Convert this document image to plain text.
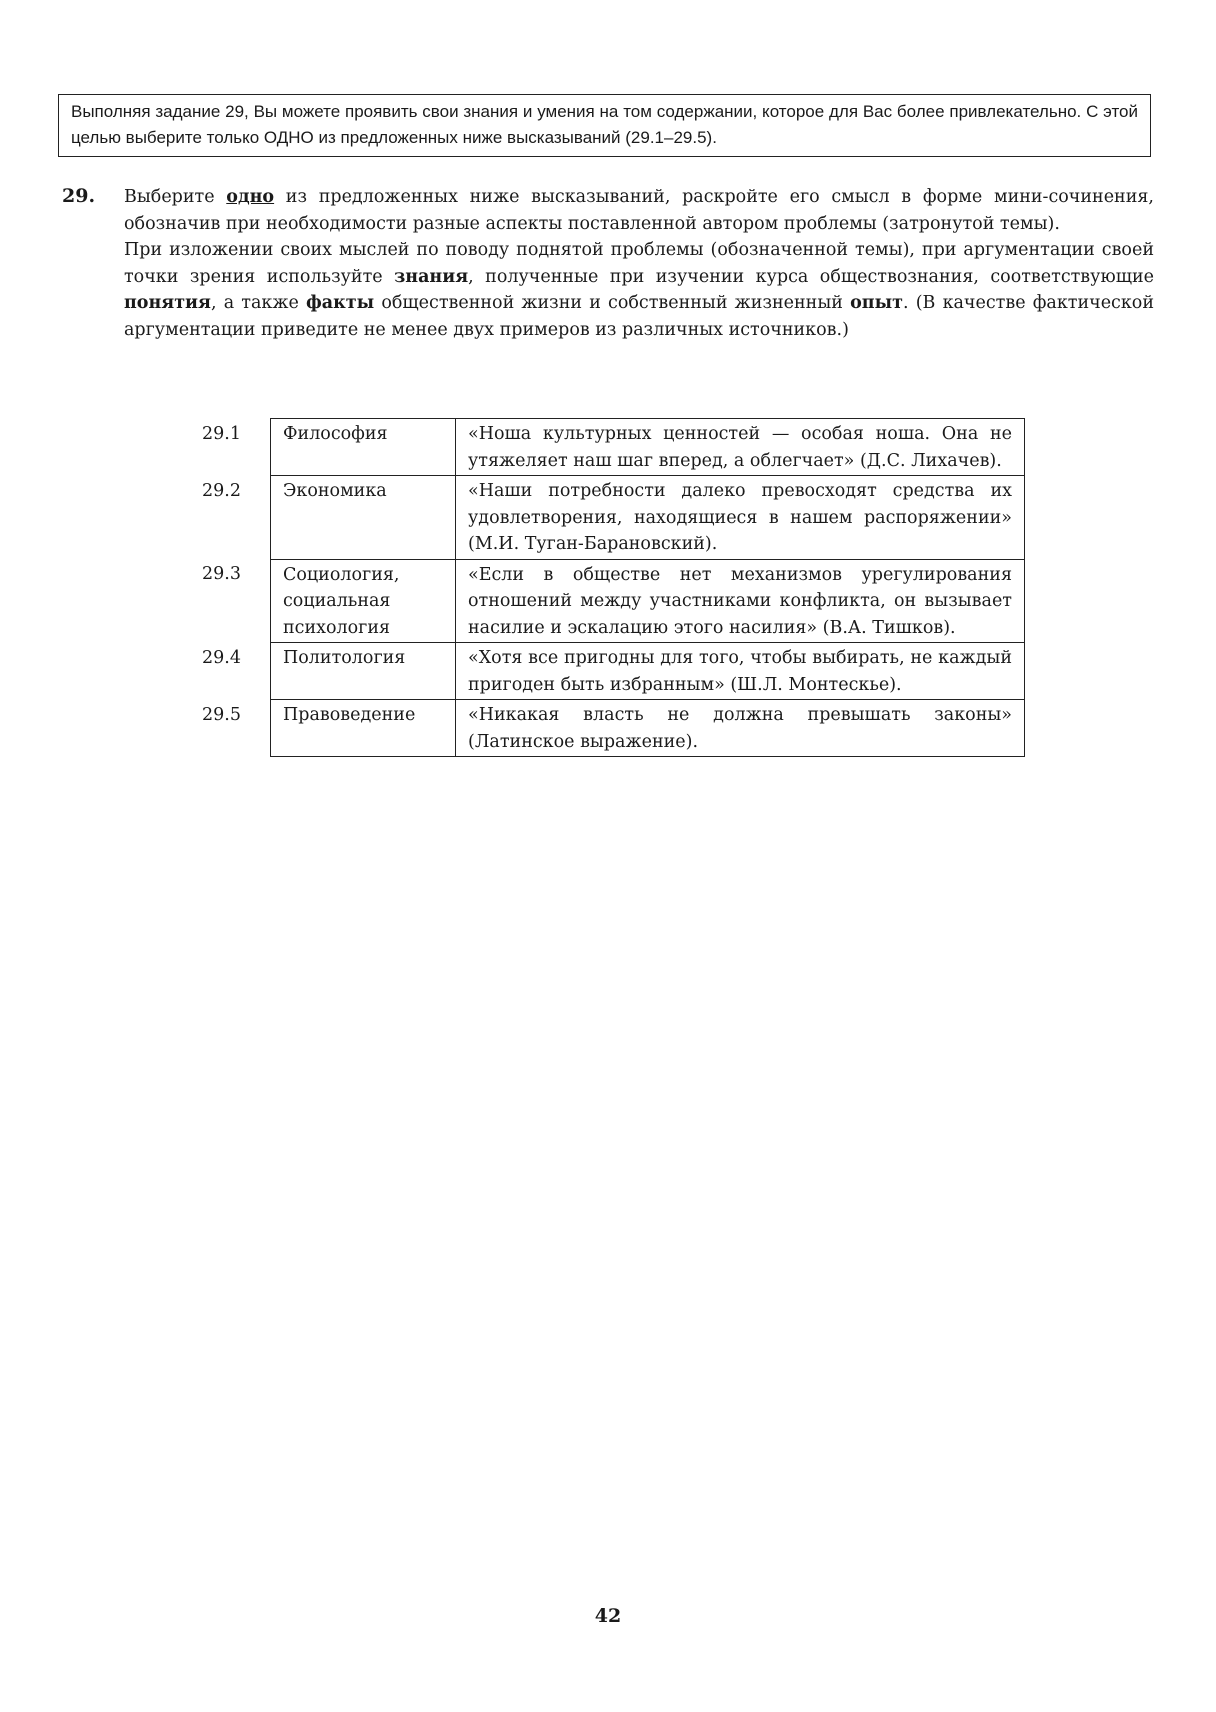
Выполняя задание 29, Вы можете проявить свои знания и умения на том содержании, которое для Вас более привлекательно. С этой целью выберите только ОДНО из предложенных ниже высказываний (29.1–29.5).
29. Выберите одно из предложенных ниже высказываний, раскройте его смысл в форме мини-сочинения, обозначив при необходимости разные аспекты поставленной автором проблемы (затронутой темы).

При изложении своих мыслей по поводу поднятой проблемы (обозначенной темы), при аргументации своей точки зрения используйте знания, полученные при изучении курса обществознания, соответствующие понятия, а также факты общественной жизни и собственный жизненный опыт. (В качестве фактической аргументации приведите не менее двух примеров из различных источников.)

29.1	Философия	«Ноша культурных ценностей — особая ноша. Она не утяжеляет наш шаг вперед, а облегчает» (Д.С. Лихачев).
29.2	Экономика	«Наши потребности далеко превосходят средства их удовлетворения, находящиеся в нашем распоряжении» (М.И. Туган-Барановский).
29.3	Социология, социальная психология	«Если в обществе нет механизмов урегулирования отношений между участниками конфликта, он вызывает насилие и эскалацию этого насилия» (В.А. Тишков).
29.4	Политология	«Хотя все пригодны для того, чтобы выбирать, не каждый пригоден быть избранным» (Ш.Л. Монтескье).
29.5	Правоведение	«Никакая власть не должна превышать законы» (Латинское выражение).
42
